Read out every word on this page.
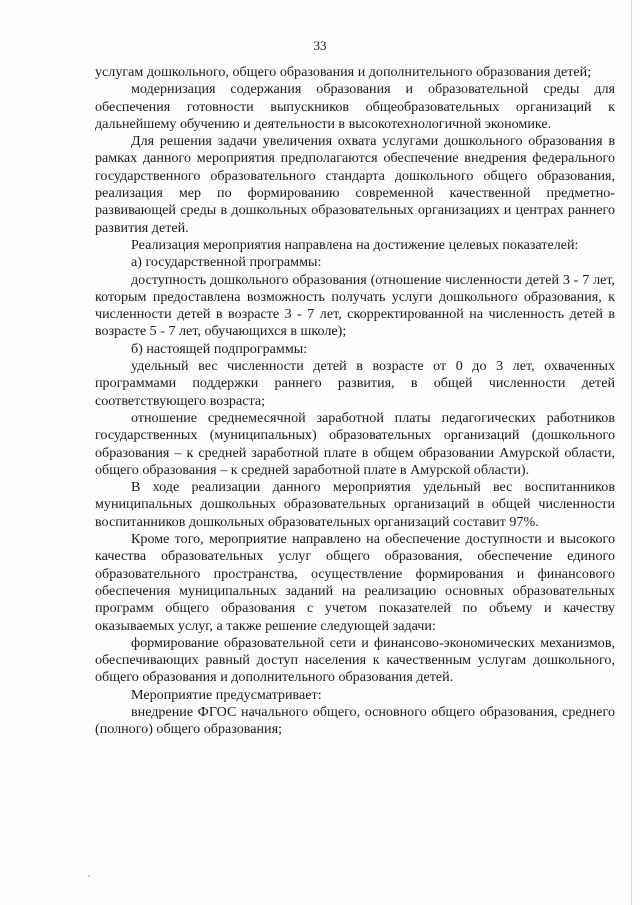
33

услугам дошкольного, общего образования и дополнительного образования детей;

модернизация содержания образования и образовательной среды для обеспечения готовности выпускников общеобразовательных организаций к дальнейшему обучению и деятельности в высокотехнологичной экономике.

Для решения задачи увеличения охвата услугами дошкольного образования в рамках данного мероприятия предполагаются обеспечение внедрения федерального государственного образовательного стандарта дошкольного общего образования, реализация мер по формированию современной качественной предметно-развивающей среды в дошкольных образовательных организациях и центрах раннего развития детей.

Реализация мероприятия направлена на достижение целевых показателей:

а) государственной программы:

доступность дошкольного образования (отношение численности детей 3 - 7 лет, которым предоставлена возможность получать услуги дошкольного образования, к численности детей в возрасте 3 - 7 лет, скорректированной на численность детей в возрасте 5 - 7 лет, обучающихся в школе);

б) настоящей подпрограммы:

удельный вес численности детей в возрасте от 0 до 3 лет, охваченных программами поддержки раннего развития, в общей численности детей соответствующего возраста;

отношение среднемесячной заработной платы педагогических работников государственных (муниципальных) образовательных организаций (дошкольного образования – к средней заработной плате в общем образовании Амурской области, общего образования – к средней заработной плате в Амурской области).

В ходе реализации данного мероприятия удельный вес воспитанников муниципальных дошкольных образовательных организаций в общей численности воспитанников дошкольных образовательных организаций составит 97%.

Кроме того, мероприятие направлено на обеспечение доступности и высокого качества образовательных услуг общего образования, обеспечение единого образовательного пространства, осуществление формирования и финансового обеспечения муниципальных заданий на реализацию основных образовательных программ общего образования с учетом показателей по объему и качеству оказываемых услуг, а также решение следующей задачи:

формирование образовательной сети и финансово-экономических механизмов, обеспечивающих равный доступ населения к качественным услугам дошкольного, общего образования и дополнительного образования детей.

Мероприятие предусматривает:

внедрение ФГОС начального общего, основного общего образования, среднего (полного) общего образования;
